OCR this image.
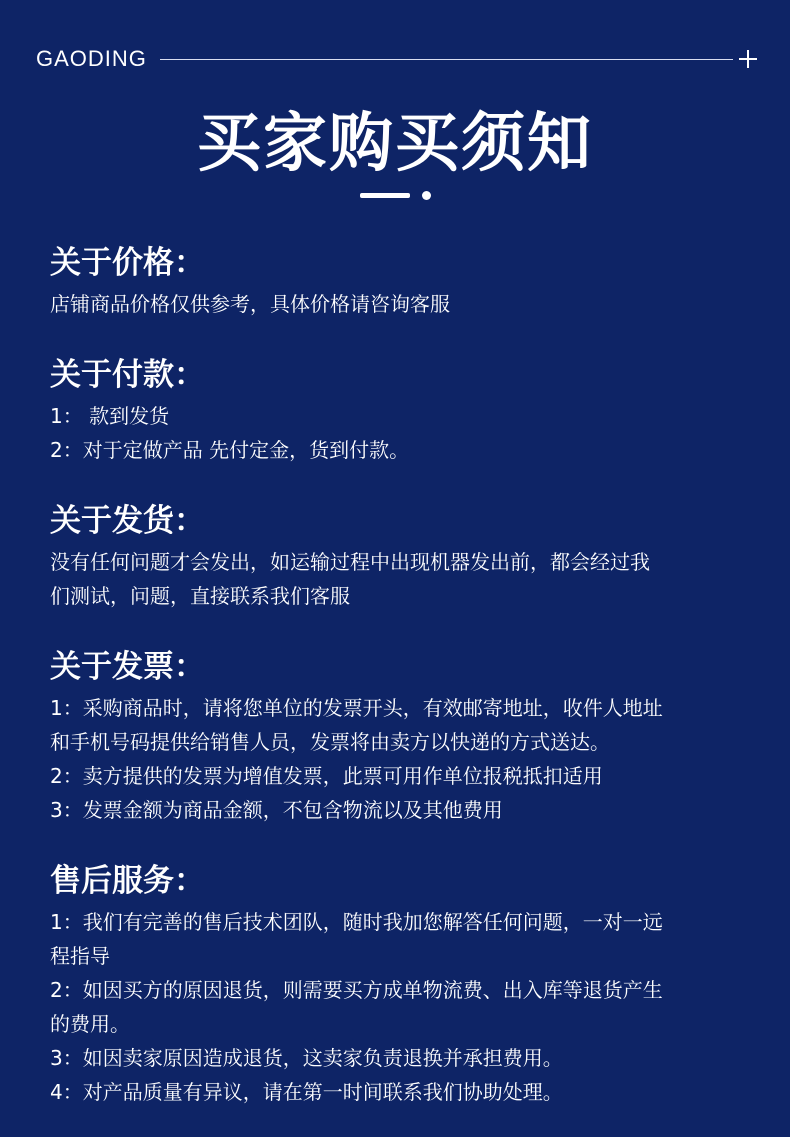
GAODING
买家购买须知
关于价格：
店铺商品价格仅供参考，具体价格请咨询客服
关于付款：
1： 款到发货
2：对于定做产品 先付定金，货到付款。
关于发货：
没有任何问题才会发出，如运输过程中出现机器发出前，都会经过我
们测试，问题，直接联系我们客服
关于发票：
1：采购商品时，请将您单位的发票开头，有效邮寄地址，收件人地址
和手机号码提供给销售人员，发票将由卖方以快递的方式送达。
2：卖方提供的发票为增值发票，此票可用作单位报税抵扣适用
3：发票金额为商品金额，不包含物流以及其他费用
售后服务：
1：我们有完善的售后技术团队，随时我加您解答任何问题，一对一远
程指导
2：如因买方的原因退货，则需要买方成单物流费、出入库等退货产生
的费用。
3：如因卖家原因造成退货，这卖家负责退换并承担费用。
4：对产品质量有异议，请在第一时间联系我们协助处理。
